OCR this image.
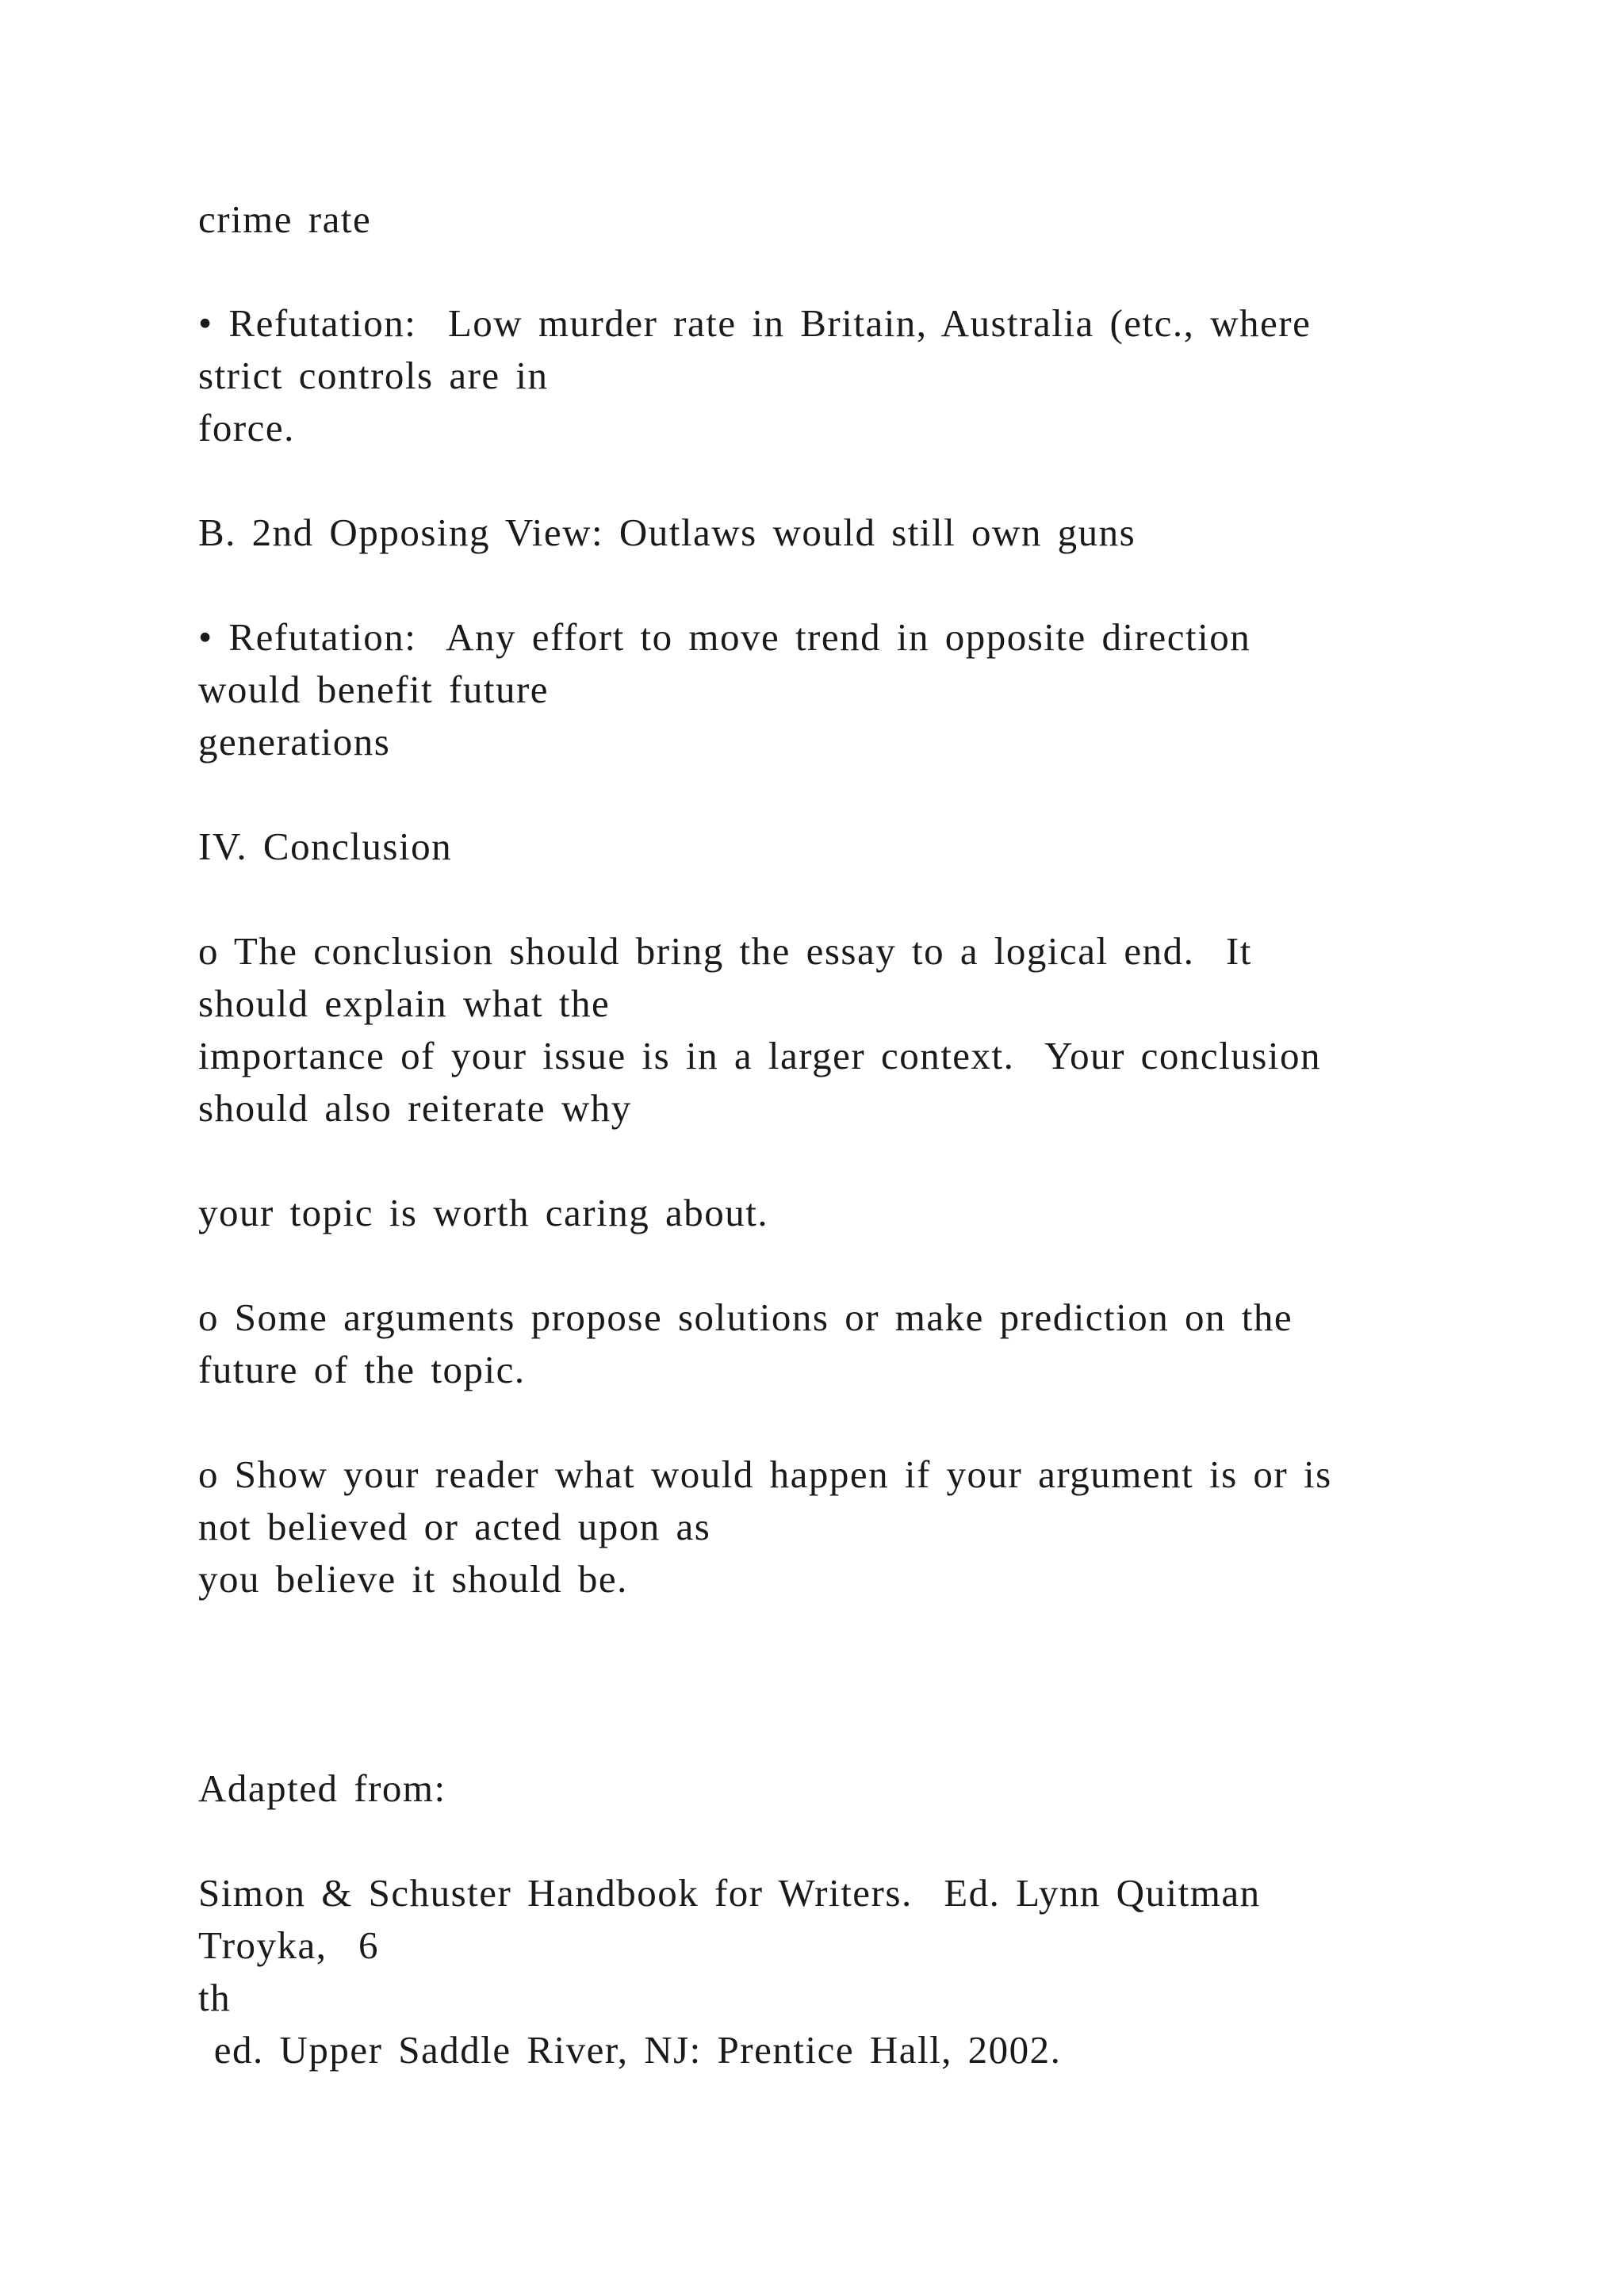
crime rate

• Refutation:  Low murder rate in Britain, Australia (etc., where

strict controls are in

force.

B. 2nd Opposing View: Outlaws would still own guns

• Refutation:  Any effort to move trend in opposite direction

would benefit future

generations

IV. Conclusion

o The conclusion should bring the essay to a logical end.  It

should explain what the

importance of your issue is in a larger context.  Your conclusion

should also reiterate why

your topic is worth caring about.

o Some arguments propose solutions or make prediction on the

future of the topic.

o Show your reader what would happen if your argument is or is

not believed or acted upon as

you believe it should be.

Adapted from:

Simon & Schuster Handbook for Writers.  Ed. Lynn Quitman

Troyka,  6

th

ed. Upper Saddle River, NJ: Prentice Hall, 2002.
